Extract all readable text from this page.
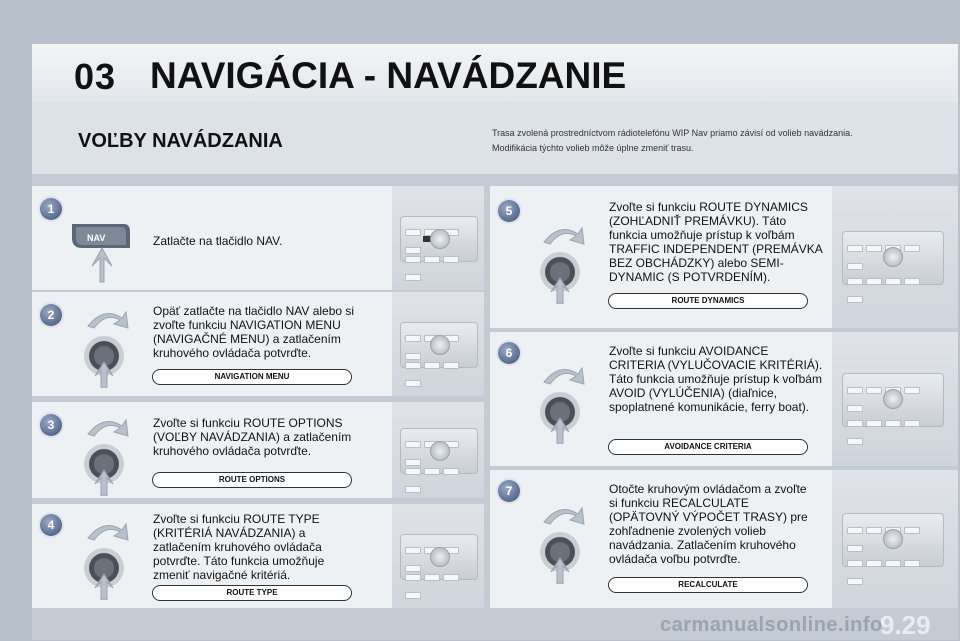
03 NAVIGÁCIA - NAVÁDZANIE
VOĽBY NAVÁDZANIA	Trasa zvolená prostredníctvom rádiotelefónu WIP Nav priamo závisí od volieb navádzania.
Modifikácia týchto volieb môže úplne zmeniť trasu.
1
NAV	Zatlačte na tlačidlo NAV.
2	Opäť zatlačte na tlačidlo NAV alebo si zvoľte funkciu NAVIGATION MENU (NAVIGAČNÉ MENU) a zatlačením kruhového ovládača potvrďte.
NAVIGATION MENU
3	Zvoľte si funkciu ROUTE OPTIONS (VOĽBY NAVÁDZANIA) a zatlačením kruhového ovládača potvrďte.
ROUTE OPTIONS
4	Zvoľte si funkciu ROUTE TYPE (KRITÉRIÁ NAVÁDZANIA) a zatlačením kruhového ovládača potvrďte. Táto funkcia umožňuje zmeniť navigačné kritériá.
ROUTE TYPE
5	Zvoľte si funkciu ROUTE DYNAMICS (ZOHĽADNIŤ PREMÁVKU). Táto funkcia umožňuje prístup k voľbám TRAFFIC INDEPENDENT (PREMÁVKA BEZ OBCHÁDZKY) alebo SEMI-DYNAMIC (S POTVRDENÍM).
ROUTE DYNAMICS
6	Zvoľte si funkciu AVOIDANCE CRITERIA (VYLUČOVACIE KRITÉRIÁ). Táto funkcia umožňuje prístup k voľbám AVOID (VYLÚČENIA) (diaľnice, spoplatnené komunikácie, ferry boat).
AVOIDANCE CRITERIA
7	Otočte kruhovým ovládačom a zvoľte si funkciu RECALCULATE (OPÄTOVNÝ VÝPOČET TRASY) pre zohľadnenie zvolených volieb navádzania. Zatlačením kruhového ovládača voľbu potvrďte.
RECALCULATE
carmanualsonline.info
9.29
